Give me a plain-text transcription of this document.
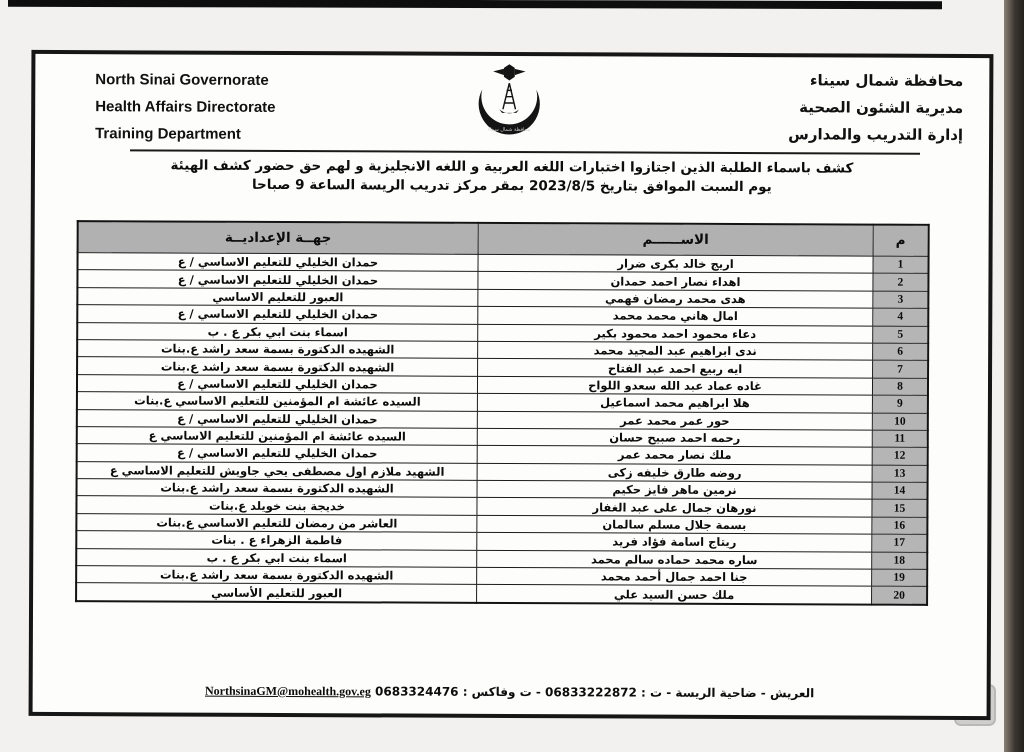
North Sinai Governorate
Health Affairs Directorate
Training Department	محافظة شمال سيناء
محافظة شمال سيناء
مديرية الشئون الصحية
إدارة التدريب والمدارس
كشف باسماء الطلبة الذين اجتازوا اختبارات اللغه العربية و اللغه الانجليزية و لهم حق حضور كشف الهيئة
يوم السبت الموافق بتاريخ 2023/8/5 بمقر مركز تدريب الريسة الساعة 9 صباحا
م	الاســــــم	جهــة الإعداديــة
1	اريج خالد بكرى ضرار	حمدان الخليلي للتعليم الاساسي / ع
2	اهداء نصار احمد حمدان	حمدان الخليلي للتعليم الاساسي / ع
3	هدى محمد رمضان فهمي	العبور للتعليم الاساسي
4	امال هاني محمد محمد	حمدان الخليلي للتعليم الاساسي / ع
5	دعاء محمود احمد محمود بكير	اسماء بنت ابي بكر ع . ب
6	ندى ابراهيم عبد المجيد محمد	الشهيده الدكتورة بسمة سعد راشد ع.بنات
7	ايه ربيع احمد عبد الفتاح	الشهيده الدكتورة بسمة سعد راشد ع.بنات
8	غاده عماد عبد الله سعدو اللواح	حمدان الخليلي للتعليم الاساسي / ع
9	هلا ابراهيم محمد اسماعيل	السيده عائشة ام المؤمنين للتعليم الاساسي ع.بنات
10	حور عمر محمد عمر	حمدان الخليلي للتعليم الاساسي / ع
11	رحمه احمد صبيح حسان	السيده عائشة ام المؤمنين للتعليم الاساسي ع
12	ملك نصار محمد عمر	حمدان الخليلي للتعليم الاساسي / ع
13	روضه طارق خليفه زكى	الشهيد ملازم اول مصطفى يحي جاويش للتعليم الاساسي ع
14	نرمين ماهر فايز حكيم	الشهيده الدكتورة بسمة سعد راشد ع.بنات
15	نورهان جمال على عبد الغفار	خديجة بنت خويلد ع.بنات
16	بسمة جلال مسلم سالمان	العاشر من رمضان للتعليم الاساسي ع.بنات
17	ريتاج اسامة فؤاد فريد	فاطمة الزهراء ع . بنات
18	ساره محمد حماده سالم محمد	اسماء بنت ابي بكر ع . ب
19	جنا احمد جمال أحمد محمد	الشهيده الدكتورة بسمة سعد راشد ع.بنات
20	ملك حسن السيد علي	العبور للتعليم الأساسي
العريش - ضاحية الريسة - ت : 06833222872 - ت وفاكس : 0683324476 NorthsinaGM@mohealth.gov.eg
